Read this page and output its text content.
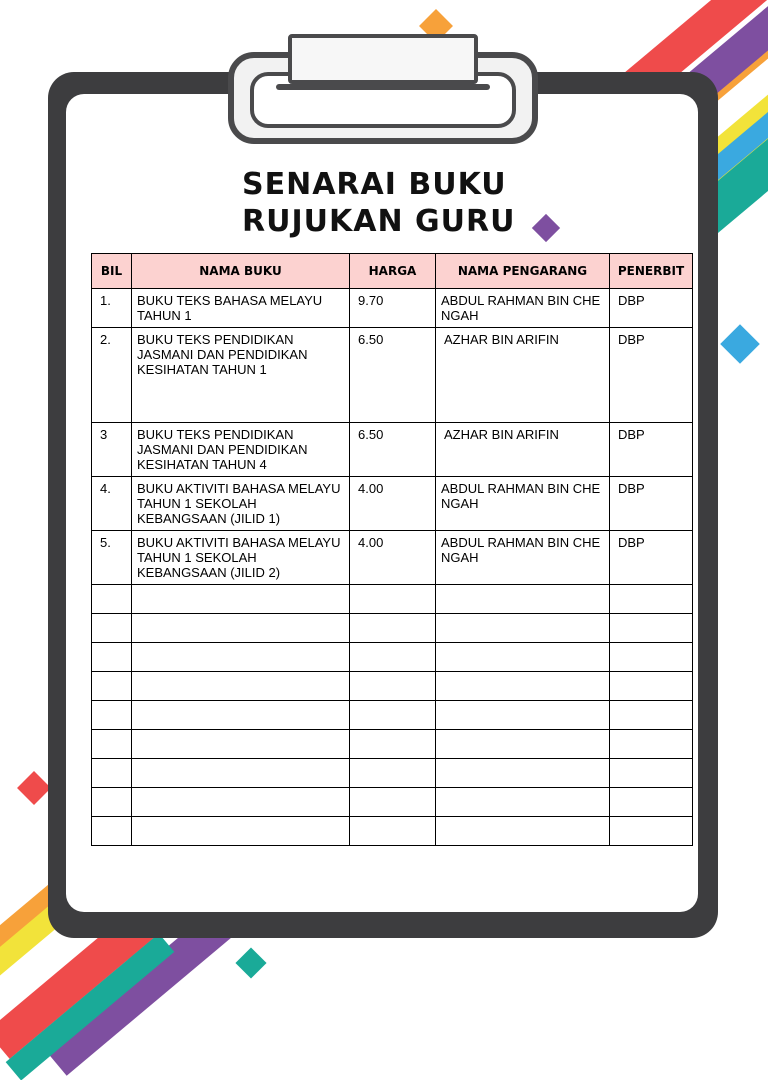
SENARAI BUKU
RUJUKAN GURU
BIL	NAMA BUKU	HARGA	NAMA PENGARANG	PENERBIT
1.	BUKU TEKS BAHASA MELAYU TAHUN 1	9.70	ABDUL RAHMAN BIN CHE NGAH	DBP
2.	BUKU TEKS PENDIDIKAN JASMANI DAN PENDIDIKAN KESIHATAN TAHUN 1	6.50	AZHAR BIN ARIFIN	DBP
3	BUKU TEKS PENDIDIKAN JASMANI DAN PENDIDIKAN KESIHATAN TAHUN 4	6.50	AZHAR BIN ARIFIN	DBP
4.	BUKU AKTIVITI BAHASA MELAYU TAHUN 1 SEKOLAH KEBANGSAAN (JILID 1)	4.00	ABDUL RAHMAN BIN CHE NGAH	DBP
5.	BUKU AKTIVITI BAHASA MELAYU TAHUN 1 SEKOLAH KEBANGSAAN (JILID 2)	4.00	ABDUL RAHMAN BIN CHE NGAH	DBP
